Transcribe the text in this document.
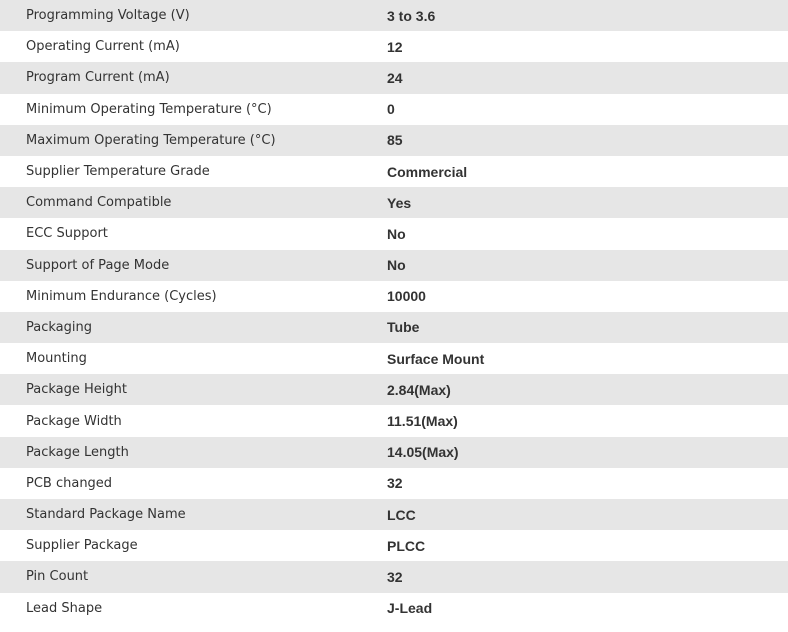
Programming Voltage (V)	3 to 3.6
Operating Current (mA)	12
Program Current (mA)	24
Minimum Operating Temperature (°C)	0
Maximum Operating Temperature (°C)	85
Supplier Temperature Grade	Commercial
Command Compatible	Yes
ECC Support	No
Support of Page Mode	No
Minimum Endurance (Cycles)	10000
Packaging	Tube
Mounting	Surface Mount
Package Height	2.84(Max)
Package Width	11.51(Max)
Package Length	14.05(Max)
PCB changed	32
Standard Package Name	LCC
Supplier Package	PLCC
Pin Count	32
Lead Shape	J-Lead
